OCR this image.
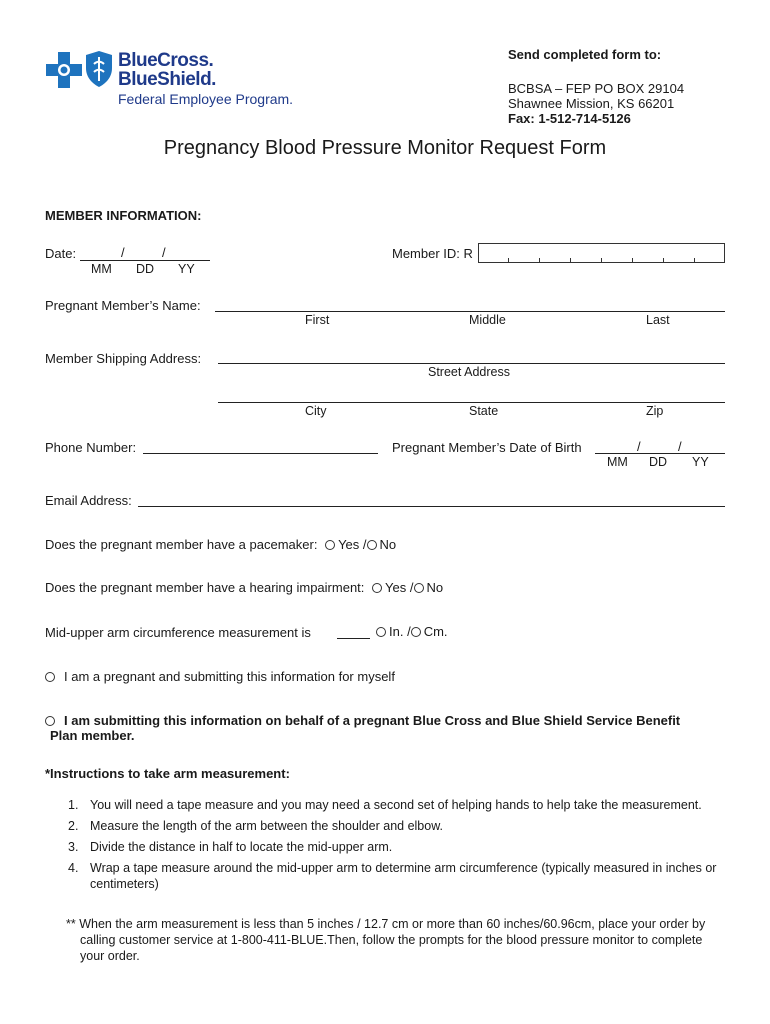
BlueCross.
BlueShield.
Federal Employee Program.
Send completed form to:
BCBSA – FEP PO BOX 29104
Shawnee Mission, KS 66201
Fax: 1-512-714-5126
Pregnancy Blood Pressure Monitor Request Form
MEMBER INFORMATION:
Date:	/	/
MM DD YY
Member ID: R
Pregnant Member’s Name:
First	Middle	Last
Member Shipping Address:
Street Address
City	State	Zip
Phone Number:	Pregnant Member’s Date of Birth	/	/
MM DD YY
Email Address:
Does the pregnant member have a pacemaker: Yes / No
Does the pregnant member have a hearing impairment: Yes / No
Mid-upper arm circumference measurement is	In. / Cm.
I am a pregnant and submitting this information for myself
I am submitting this information on behalf of a pregnant Blue Cross and Blue Shield Service Benefit
Plan member.
*Instructions to take arm measurement:
1. You will need a tape measure and you may need a second set of helping hands to help take the measurement.
2. Measure the length of the arm between the shoulder and elbow.
3. Divide the distance in half to locate the mid-upper arm.
4. Wrap a tape measure around the mid-upper arm to determine arm circumference (typically measured in inches or centimeters)
** When the arm measurement is less than 5 inches / 12.7 cm or more than 60 inches/60.96cm, place your order by calling customer service at 1-800-411-BLUE.Then, follow the prompts for the blood pressure monitor to complete your order.
